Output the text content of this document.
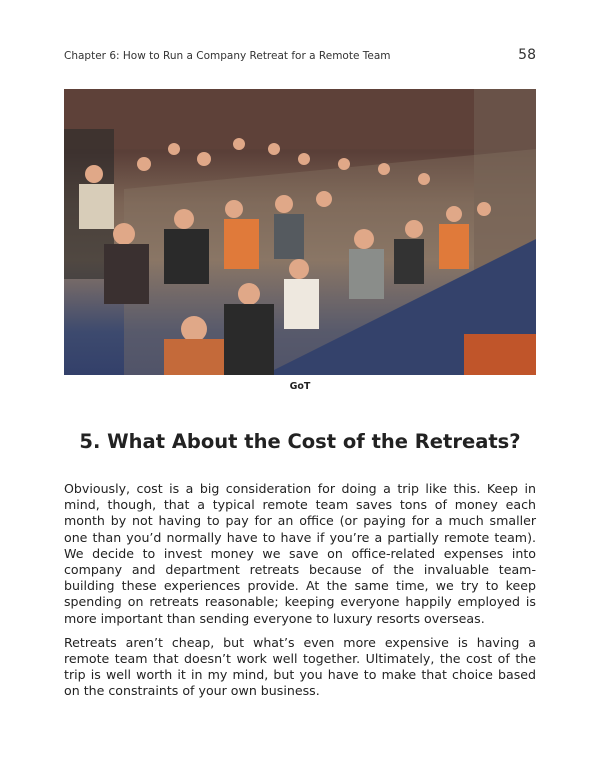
Chapter 6: How to Run a Company Retreat for a Remote Team	58
GoT
5. What About the Cost of the Retreats?

Obviously, cost is a big consideration for doing a trip like this. Keep in mind, though, that a typical remote team saves tons of money each month by not having to pay for an office (or paying for a much smaller one than you’d normally have to have if you’re a partially remote team). We decide to invest money we save on office-related expenses into company and department retreats because of the invaluable team-building these experiences provide. At the same time, we try to keep spending on retreats reasonable; keeping everyone happily employed is more important than sending everyone to luxury resorts overseas.

Retreats aren’t cheap, but what’s even more expensive is having a remote team that doesn’t work well together. Ultimately, the cost of the trip is well worth it in my mind, but you have to make that choice based on the constraints of your own business.
